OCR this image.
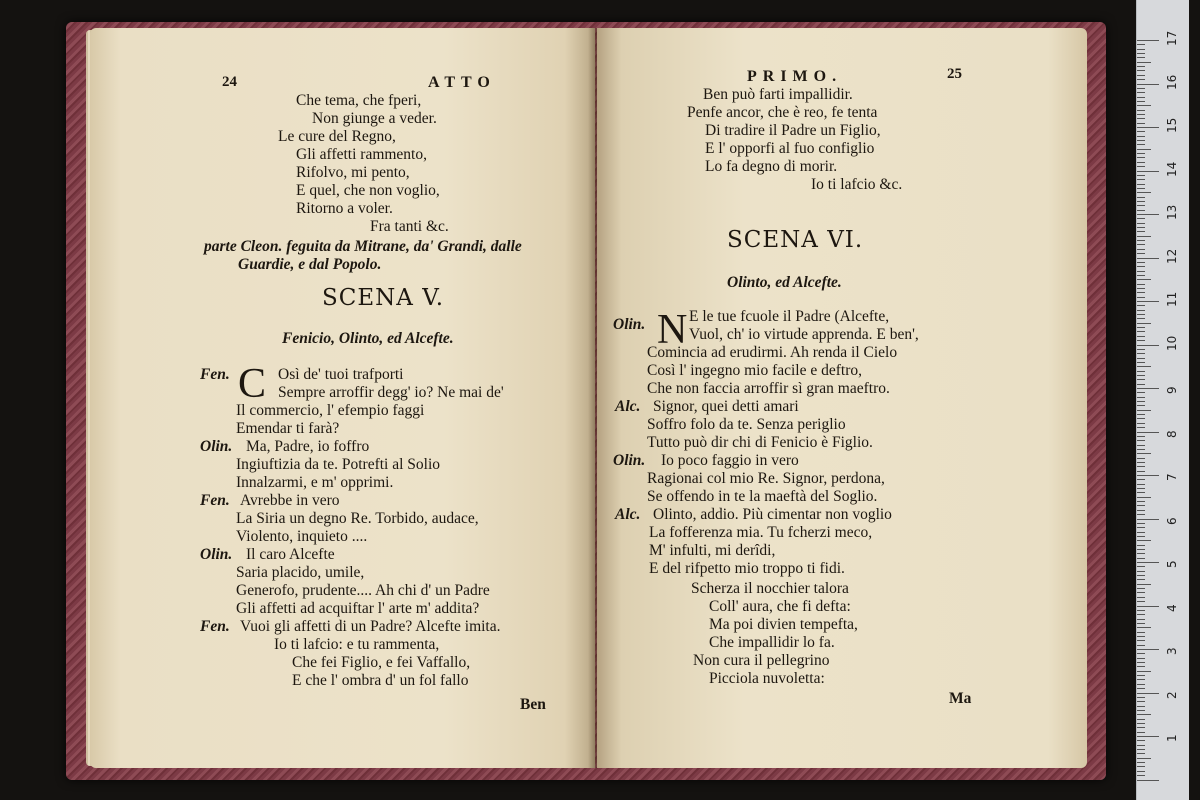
24	ATTO
Che tema, che fperi,
Non giunge a veder.
Le cure del Regno,
Gli affetti rammento,
Rifolvo, mi pento,
E quel, che non voglio,
Ritorno a voler.
Fra tanti &c.
parte Cleon. feguita da Mitrane, da' Grandi, dalle
Guardie, e dal Popolo.
SCENA V.
Fenicio, Olinto, ed Alcefte.
C
Fen.	Osì de' tuoi trafporti
Sempre arroffir degg' io? Ne mai de'
Il commercio, l' efempio faggi
Emendar ti farà?
Olin. Ma, Padre, io foffro
Ingiuftizia da te. Potrefti al Solio
Innalzarmi, e m' opprimi.
Fen. Avrebbe in vero
La Siria un degno Re. Torbido, audace,
Violento, inquieto ....
Olin. Il caro Alcefte
Saria placido, umile,
Generofo, prudente.... Ah chi d' un Padre
Gli affetti ad acquiftar l' arte m' addita?
Fen. Vuoi gli affetti di un Padre? Alcefte imita.
Io ti lafcio: e tu rammenta,
Che fei Figlio, e fei Vaffallo,
E che l' ombra d' un fol fallo
Ben
PRIMO.	25
Ben può farti impallidir.
Penfe ancor, che è reo, fe tenta
Di tradire il Padre un Figlio,
E l' opporfi al fuo configlio
Lo fa degno di morir.
Io ti lafcio &c.
SCENA VI.
Olinto, ed Alcefte.
N
Olin.	E le tue fcuole il Padre (Alcefte,
Vuol, ch' io virtude apprenda. E ben',
Comincia ad erudirmi. Ah renda il Cielo
Così l' ingegno mio facile e deftro,
Che non faccia arroffir sì gran maeftro.
Alc. Signor, quei detti amari
Soffro folo da te. Senza periglio
Tutto può dir chi di Fenicio è Figlio.
Olin. Io poco faggio in vero
Ragionai col mio Re. Signor, perdona,
Se offendo in te la maeftà del Soglio.
Alc. Olinto, addio. Più cimentar non voglio
La fofferenza mia. Tu fcherzi meco,
M' infulti, mi derîdi,
E del rifpetto mio troppo ti fidi.
Scherza il nocchier talora
Coll' aura, che fi defta:
Ma poi divien tempefta,
Che impallidir lo fa.
Non cura il pellegrino
Picciola nuvoletta:
Ma
17
16
15
14
13
12
11
10
9
8
7
6
5
4
3
2
1
